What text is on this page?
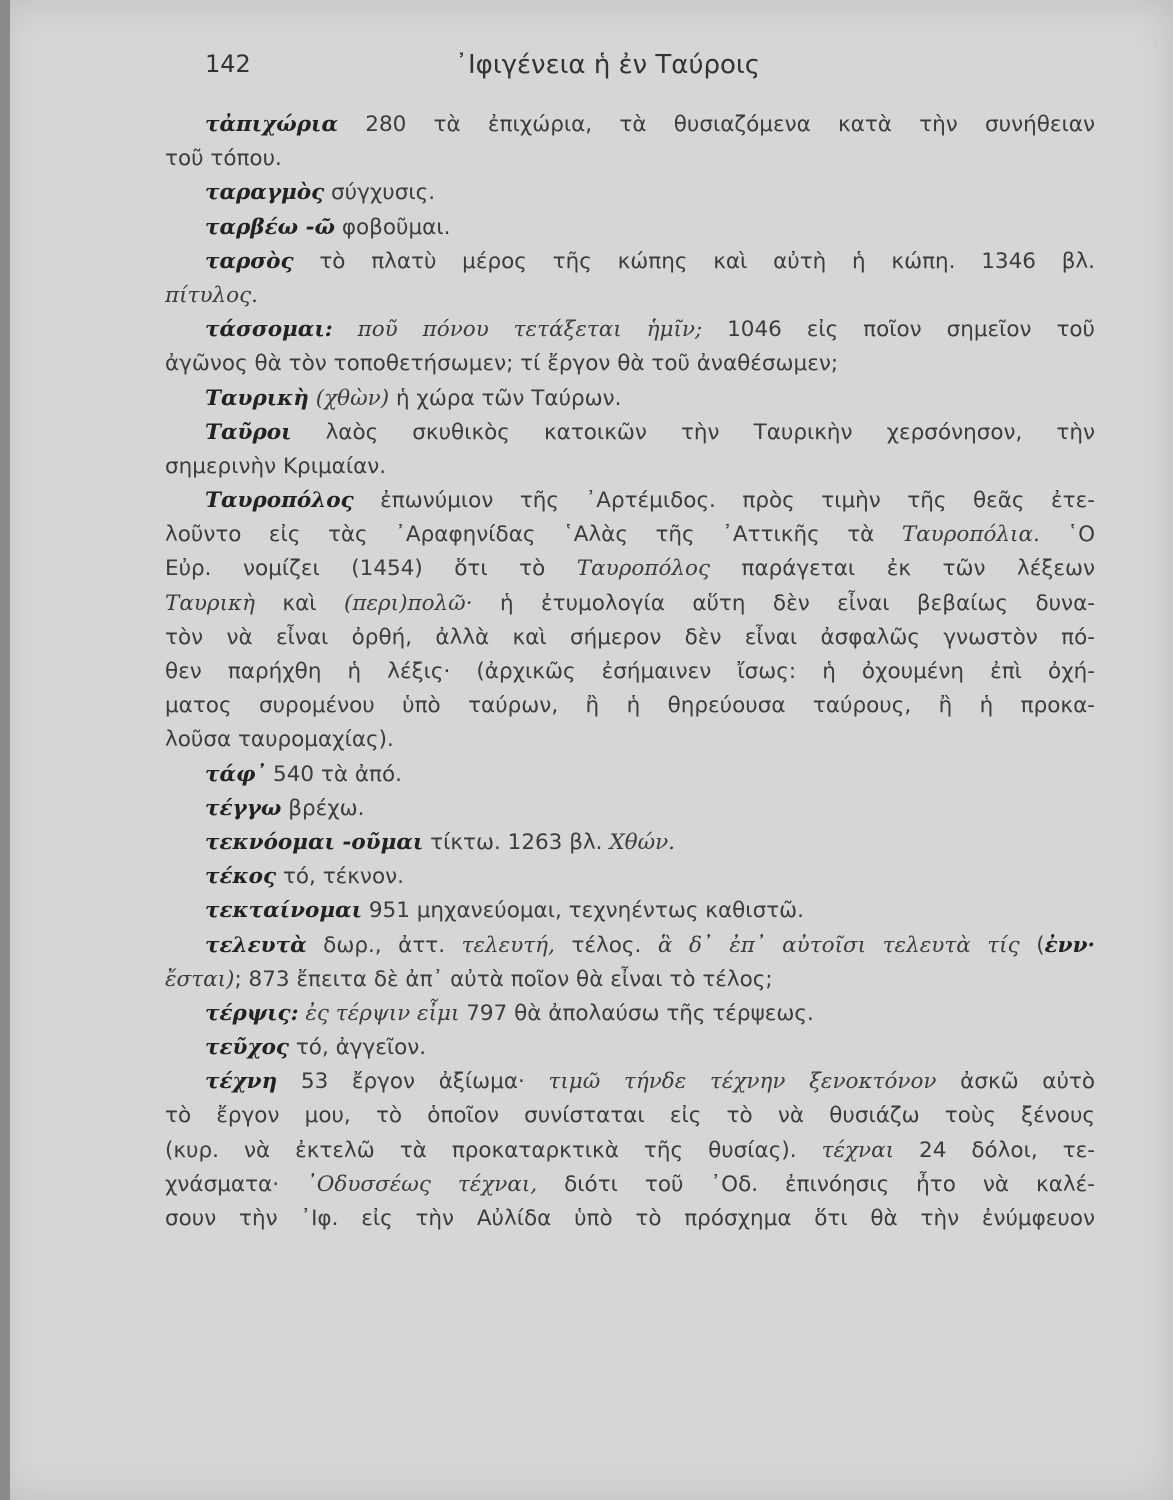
142	᾿Ιφιγένεια ἡ ἐν Ταύροις
τἀπιχώρια 280 τὰ ἐπιχώρια, τὰ θυσιαζόμενα κατὰ τὴν συνήθειαν
τοῦ τόπου.
ταραγμὸς σύγχυσις.
ταρβέω -ῶ φοβοῦμαι.
ταρσὸς τὸ πλατὺ μέρος τῆς κώπης καὶ αὐτὴ ἡ κώπη. 1346 βλ.
πίτυλος.
τάσσομαι: ποῦ πόνου τετάξεται ἡμῖν; 1046 εἰς ποῖον σημεῖον τοῦ
ἀγῶνος θὰ τὸν τοποθετήσωμεν; τί ἔργον θὰ τοῦ ἀναθέσωμεν;
Ταυρικὴ (χθὼν) ἡ χώρα τῶν Ταύρων.
Ταῦροι λαὸς σκυθικὸς κατοικῶν τὴν Ταυρικὴν χερσόνησον, τὴν
σημερινὴν Κριμαίαν.
Ταυροπόλος ἐπωνύμιον τῆς ᾿Αρτέμιδος. πρὸς τιμὴν τῆς θεᾶς ἐτε-
λοῦντο εἰς τὰς ᾿Αραφηνίδας ῾Αλὰς τῆς ᾿Αττικῆς τὰ Ταυροπόλια. ῾Ο
Εὐρ. νομίζει (1454) ὅτι τὸ Ταυροπόλος παράγεται ἐκ τῶν λέξεων
Ταυρικὴ καὶ (περι)πολῶ· ἡ ἐτυμολογία αὕτη δὲν εἶναι βεβαίως δυνα-
τὸν νὰ εἶναι ὀρθή, ἀλλὰ καὶ σήμερον δὲν εἶναι ἀσφαλῶς γνωστὸν πό-
θεν παρήχθη ἡ λέξις· (ἀρχικῶς ἐσήμαινεν ἴσως: ἡ ὀχουμένη ἐπὶ ὀχή-
ματος συρομένου ὑπὸ ταύρων, ἢ ἡ θηρεύουσα ταύρους, ἢ ἡ προκα-
λοῦσα ταυρομαχίας).
τάφ᾿ 540 τὰ ἀπό.
τέγγω βρέχω.
τεκνόομαι -οῦμαι τίκτω. 1263 βλ. Χθών.
τέκος τό, τέκνον.
τεκταίνομαι 951 μηχανεύομαι, τεχνηέντως καθιστῶ.
τελευτὰ δωρ., ἀττ. τελευτή, τέλος. ἃ δ᾿ ἐπ᾿ αὐτοῖσι τελευτὰ τίς (ἐνν·
ἔσται); 873 ἔπειτα δὲ ἀπ᾿ αὐτὰ ποῖον θὰ εἶναι τὸ τέλος;
τέρψις: ἐς τέρψιν εἶμι 797 θὰ ἀπολαύσω τῆς τέρψεως.
τεῦχος τό, ἀγγεῖον.
τέχνη 53 ἔργον ἀξίωμα· τιμῶ τήνδε τέχνην ξενοκτόνον ἀσκῶ αὐτὸ
τὸ ἔργον μου, τὸ ὁποῖον συνίσταται εἰς τὸ νὰ θυσιάζω τοὺς ξένους
(κυρ. νὰ ἐκτελῶ τὰ προκαταρκτικὰ τῆς θυσίας). τέχναι 24 δόλοι, τε-
χνάσματα· ᾿Οδυσσέως τέχναι, διότι τοῦ ᾿Οδ. ἐπινόησις ἦτο νὰ καλέ-
σουν τὴν ᾿Ιφ. εἰς τὴν Αὐλίδα ὑπὸ τὸ πρόσχημα ὅτι θὰ τὴν ἐνύμφευον
